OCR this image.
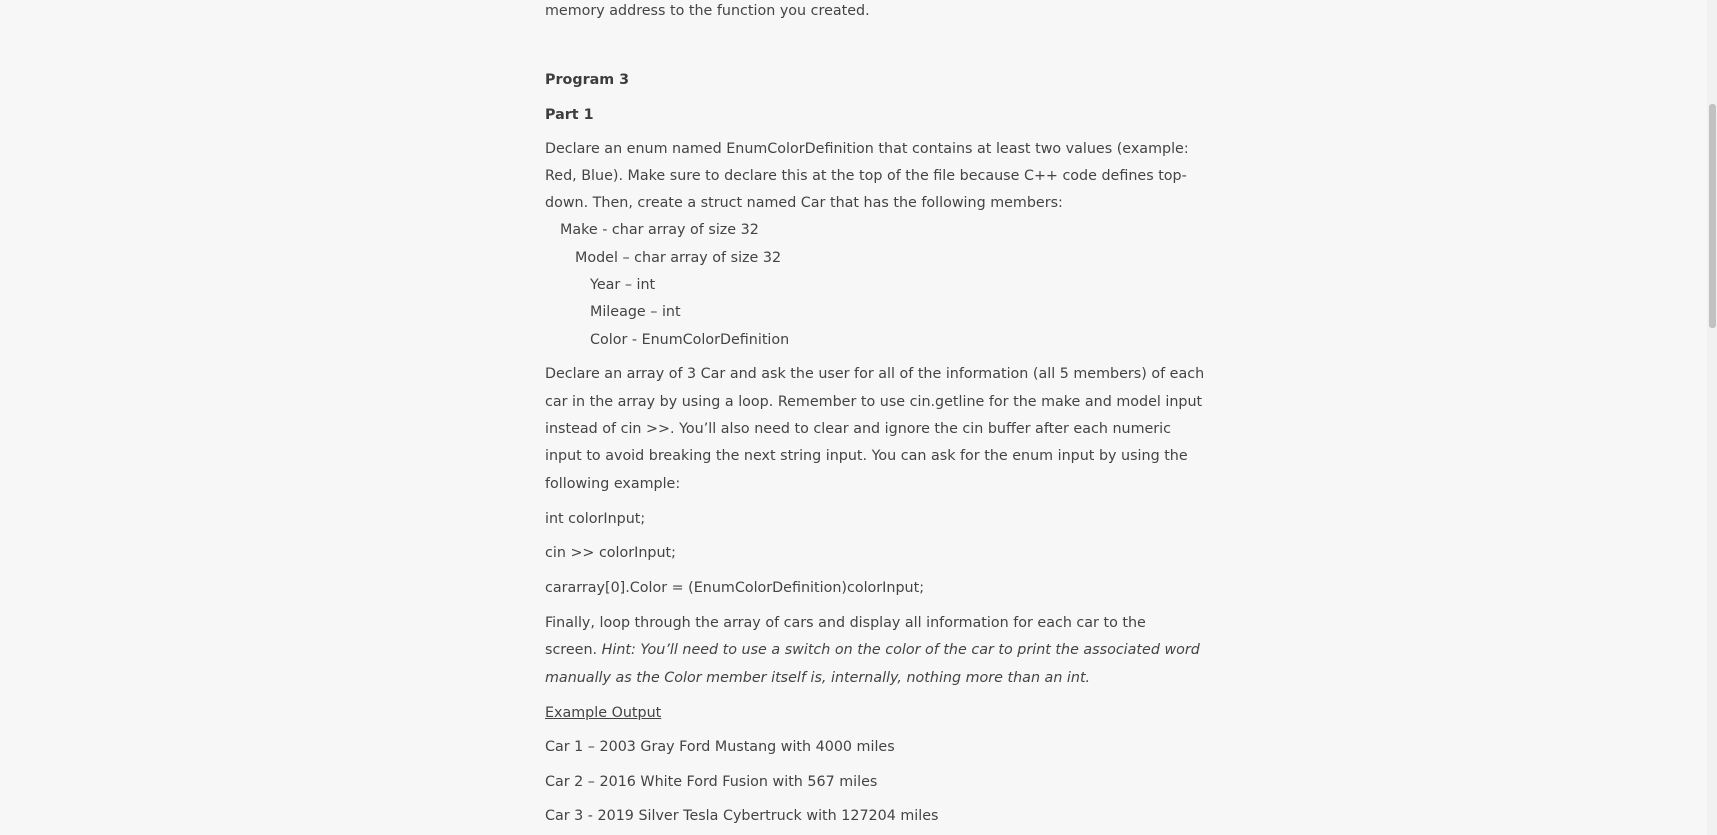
memory address to the function you created.

Program 3

Part 1

Declare an enum named EnumColorDefinition that contains at least two values (example:

Red, Blue). Make sure to declare this at the top of the file because C++ code defines top-

down. Then, create a struct named Car that has the following members:

Make - char array of size 32

Model – char array of size 32

Year – int

Mileage – int

Color - EnumColorDefinition

Declare an array of 3 Car and ask the user for all of the information (all 5 members) of each

car in the array by using a loop. Remember to use cin.getline for the make and model input

instead of cin >>. You’ll also need to clear and ignore the cin buffer after each numeric

input to avoid breaking the next string input. You can ask for the enum input by using the

following example:

int colorInput;

cin >> colorInput;

cararray[0].Color = (EnumColorDefinition)colorInput;

Finally, loop through the array of cars and display all information for each car to the

screen. Hint: You’ll need to use a switch on the color of the car to print the associated word

manually as the Color member itself is, internally, nothing more than an int.

Example Output

Car 1 – 2003 Gray Ford Mustang with 4000 miles

Car 2 – 2016 White Ford Fusion with 567 miles

Car 3 - 2019 Silver Tesla Cybertruck with 127204 miles
